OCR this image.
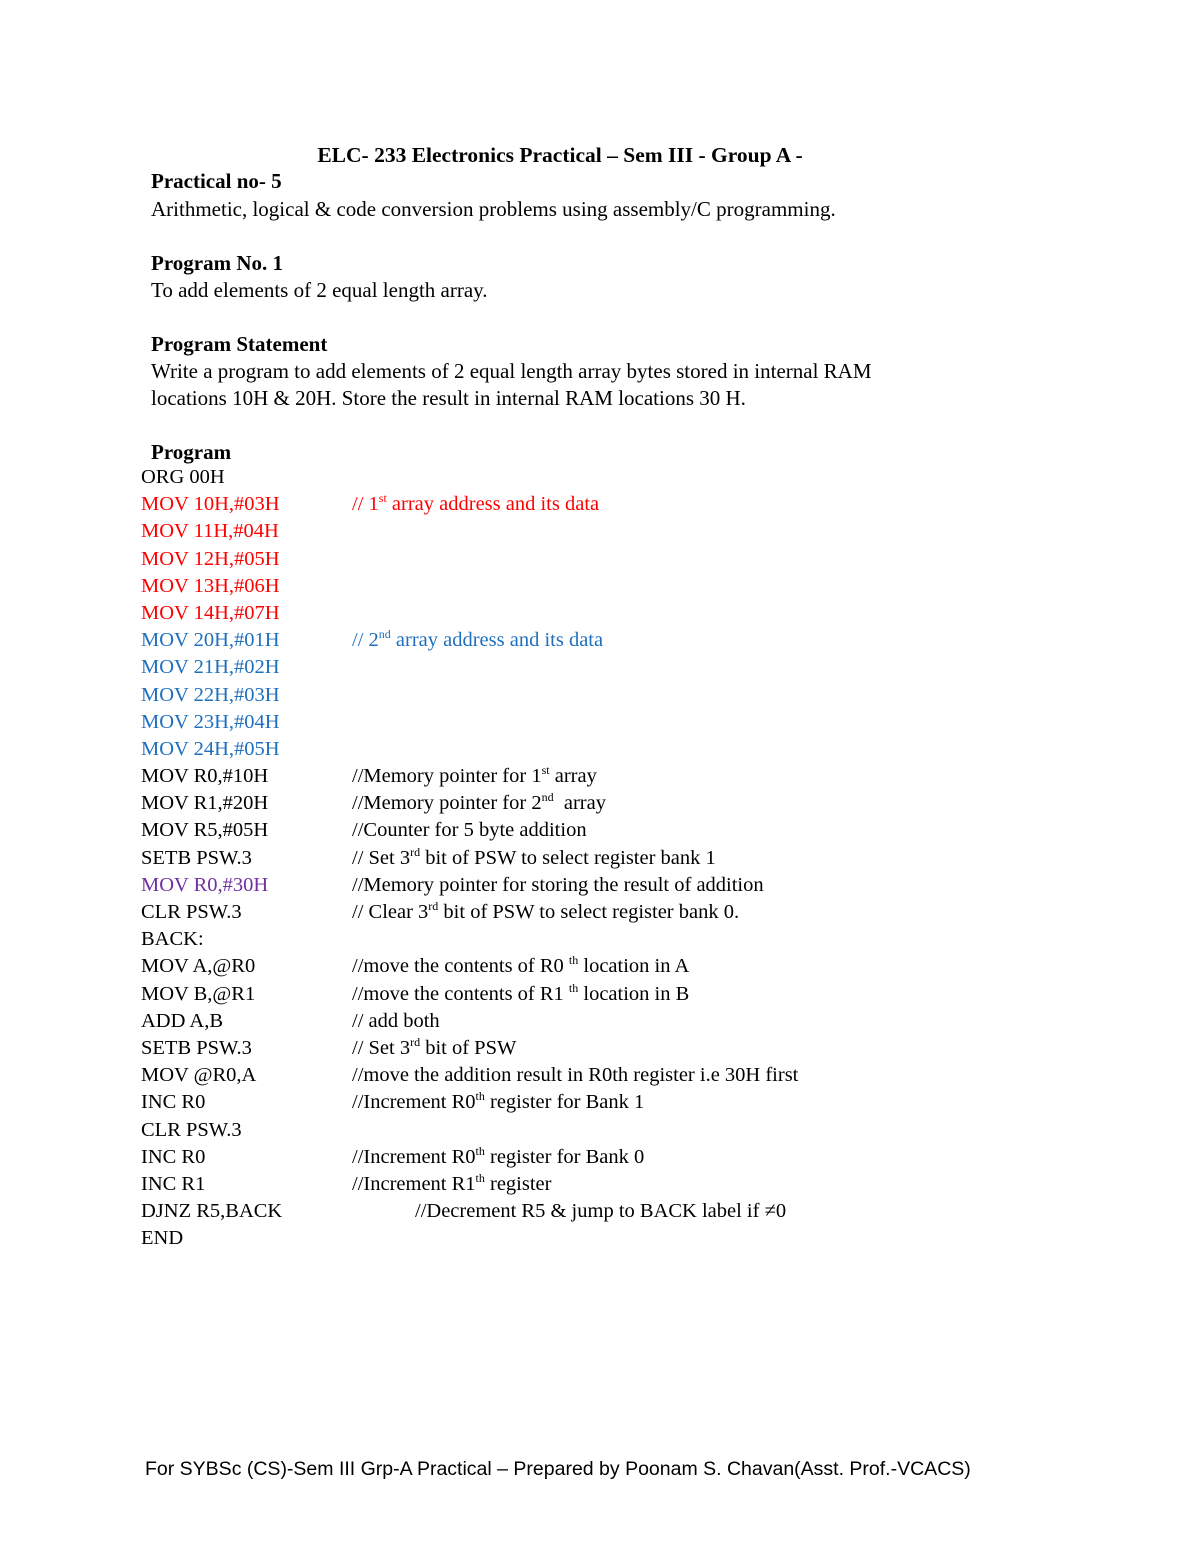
ELC- 233 Electronics Practical – Sem III - Group A -
Practical no- 5
Arithmetic, logical & code conversion problems using assembly/C programming.
Program No. 1
To add elements of 2 equal length array.
Program Statement
Write a program to add elements of 2 equal length array bytes stored in internal RAM
locations 10H & 20H. Store the result in internal RAM locations 30 H.
Program
ORG 00H
MOV 10H,#03H	// 1st array address and its data
MOV 11H,#04H
MOV 12H,#05H
MOV 13H,#06H
MOV 14H,#07H
MOV 20H,#01H	// 2nd array address and its data
MOV 21H,#02H
MOV 22H,#03H
MOV 23H,#04H
MOV 24H,#05H
MOV R0,#10H	//Memory pointer for 1st array
MOV R1,#20H	//Memory pointer for 2nd  array
MOV R5,#05H	//Counter for 5 byte addition
SETB PSW.3	// Set 3rd bit of PSW to select register bank 1
MOV R0,#30H	//Memory pointer for storing the result of addition
CLR PSW.3	// Clear 3rd bit of PSW to select register bank 0.
BACK:
MOV A,@R0	//move the contents of R0 $^{th}$ location in A
MOV B,@R1	//move the contents of R1 $^{th}$ location in B
ADD A,B	// add both
SETB PSW.3	// Set 3rd bit of PSW
MOV @R0,A	//move the addition result in R0th register i.e 30H first
INC R0	//Increment R0th register for Bank 1
CLR PSW.3
INC R0	//Increment R0th register for Bank 0
INC R1	//Increment R1th register
DJNZ R5,BACK	//Decrement R5 & jump to BACK label if ≠0
END
For SYBSc (CS)-Sem III Grp-A Practical – Prepared by Poonam S. Chavan(Asst. Prof.-VCACS)
